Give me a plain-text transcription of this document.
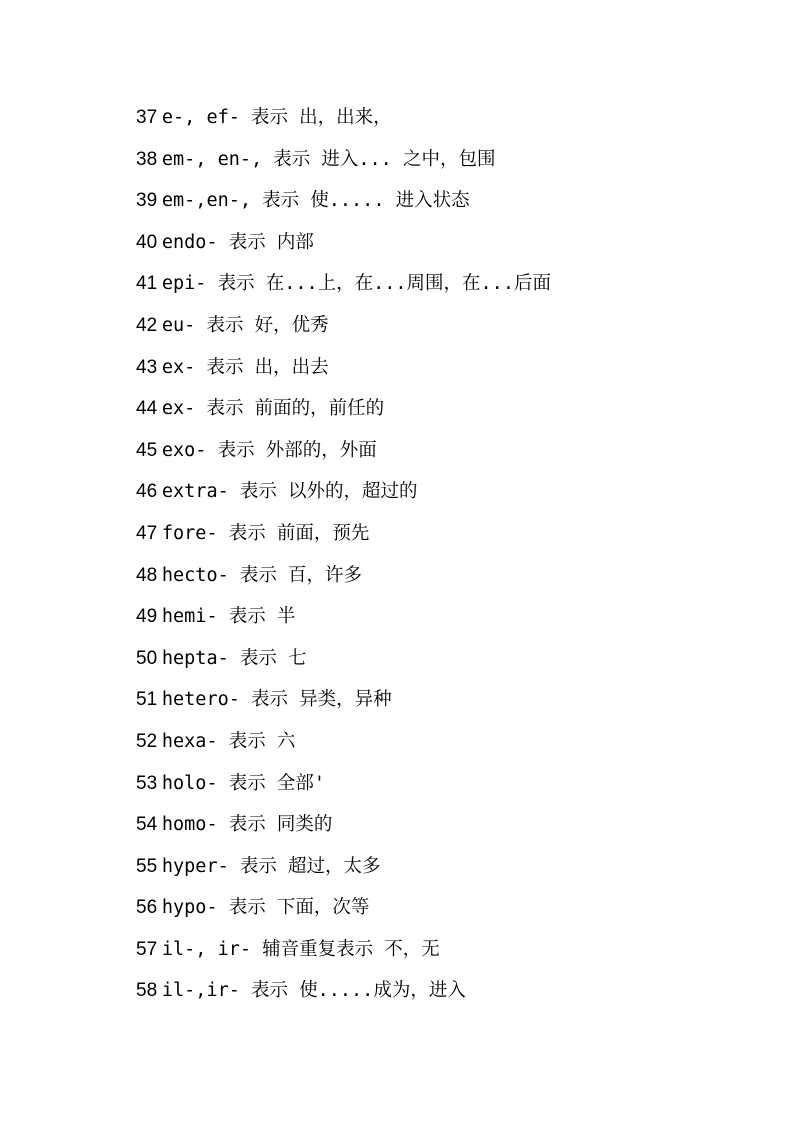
37 e-, ef- 表示 出，出来，
38 em-, en-, 表示 进入... 之中，包围
39 em-,en-, 表示 使..... 进入状态
40 endo- 表示 内部
41 epi- 表示 在...上，在...周围，在...后面
42 eu- 表示 好，优秀
43 ex- 表示 出，出去
44 ex- 表示 前面的，前任的
45 exo- 表示 外部的，外面
46 extra- 表示 以外的，超过的
47 fore- 表示 前面，预先
48 hecto- 表示 百，许多
49 hemi- 表示 半
50 hepta- 表示 七
51 hetero- 表示 异类，异种
52 hexa- 表示 六
53 holo- 表示 全部'
54 homo- 表示 同类的
55 hyper- 表示 超过，太多
56 hypo- 表示 下面，次等
57 il-, ir- 辅音重复表示 不，无
58 il-,ir- 表示 使.....成为，进入
